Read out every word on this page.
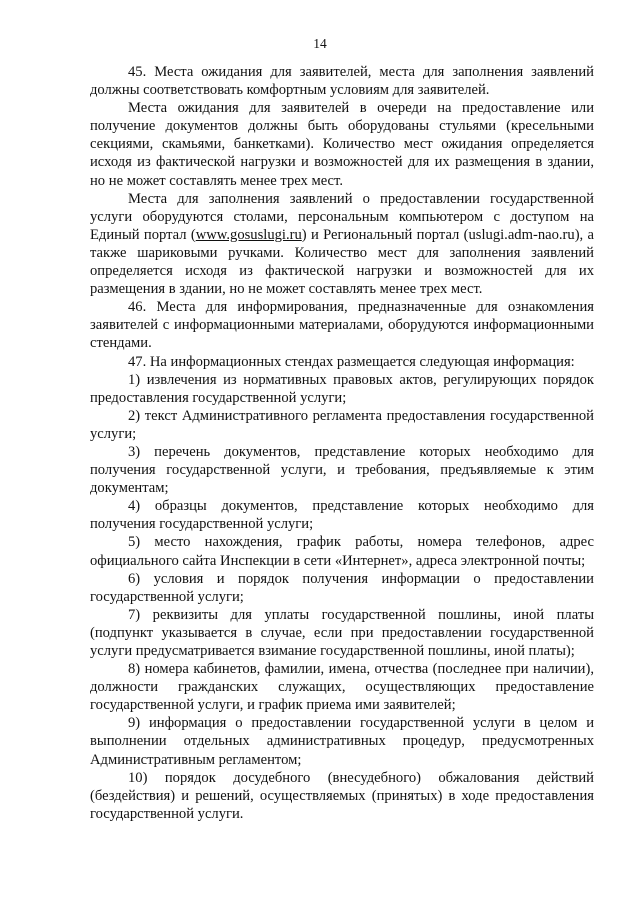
14

45. Места ожидания для заявителей, места для заполнения заявлений должны соответствовать комфортным условиям для заявителей.

Места ожидания для заявителей в очереди на предоставление или получение документов должны быть оборудованы стульями (кресельными секциями, скамьями, банкетками). Количество мест ожидания определяется исходя из фактической нагрузки и возможностей для их размещения в здании, но не может составлять менее трех мест.

Места для заполнения заявлений о предоставлении государственной услуги оборудуются столами, персональным компьютером с доступом на Единый портал (www.gosuslugi.ru) и Региональный портал (uslugi.adm-nao.ru), а также шариковыми ручками. Количество мест для заполнения заявлений определяется исходя из фактической нагрузки и возможностей для их размещения в здании, но не может составлять менее трех мест.

46. Места для информирования, предназначенные для ознакомления заявителей с информационными материалами, оборудуются информационными стендами.

47. На информационных стендах размещается следующая информация:

1) извлечения из нормативных правовых актов, регулирующих порядок предоставления государственной услуги;

2) текст Административного регламента предоставления государственной услуги;

3) перечень документов, представление которых необходимо для получения государственной услуги, и требования, предъявляемые к этим документам;

4) образцы документов, представление которых необходимо для получения государственной услуги;

5) место нахождения, график работы, номера телефонов, адрес официального сайта Инспекции в сети «Интернет», адреса электронной почты;

6) условия и порядок получения информации о предоставлении государственной услуги;

7) реквизиты для уплаты государственной пошлины, иной платы (подпункт указывается в случае, если при предоставлении государственной услуги предусматривается взимание государственной пошлины, иной платы);

8) номера кабинетов, фамилии, имена, отчества (последнее при наличии), должности гражданских служащих, осуществляющих предоставление государственной услуги, и график приема ими заявителей;

9) информация о предоставлении государственной услуги в целом и выполнении отдельных административных процедур, предусмотренных Административным регламентом;

10) порядок досудебного (внесудебного) обжалования действий (бездействия) и решений, осуществляемых (принятых) в ходе предоставления государственной услуги.
